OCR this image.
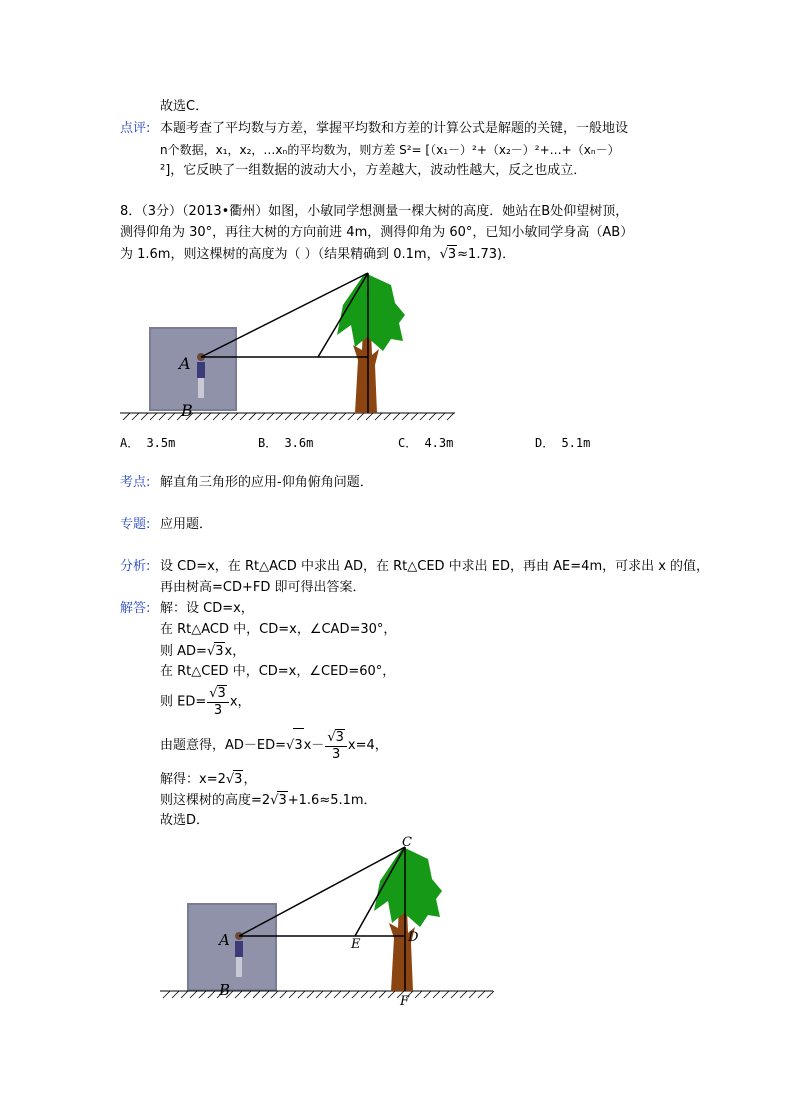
故选C．
点评: 本题考查了平均数与方差，掌握平均数和方差的计算公式是解题的关键，一般地设
n个数据，x₁，x₂，…xₙ的平均数为，则方差 S²= [（x₁－）²+（x₂－）²+…+（xₙ－）
²]，它反映了一组数据的波动大小，方差越大，波动性越大，反之也成立．
8．（3分）（2013•衢州）如图，小敏同学想测量一棵大树的高度．她站在B处仰望树顶，
测得仰角为 30°，再往大树的方向前进 4m，测得仰角为 60°，已知小敏同学身高（AB）
为 1.6m，则这棵树的高度为（ ）（结果精确到 0.1m，√3≈1.73)．
A
B
A． 3.5m	B． 3.6m	C． 4.3m	D． 5.1m
考点: 解直角三角形的应用-仰角俯角问题．
专题: 应用题．
分析: 设 CD=x，在 Rt△ACD 中求出 AD，在 Rt△CED 中求出 ED，再由 AE=4m，可求出 x 的值，
再由树高=CD+FD 即可得出答案．
解答: 解：设 CD=x，
在 Rt△ACD 中，CD=x，∠CAD=30°，
则 AD=√3x，
在 Rt△CED 中，CD=x，∠CED=60°，
则 $ED= \frac{√3}{3}$ x，
由题意得，$AD-ED=√3x- \frac{√3}{3} x=4$，
解得：x=2√3，
则这棵树的高度=2√3+1.6≈5.1m．
故选D．
A
B
C
D
E
F
